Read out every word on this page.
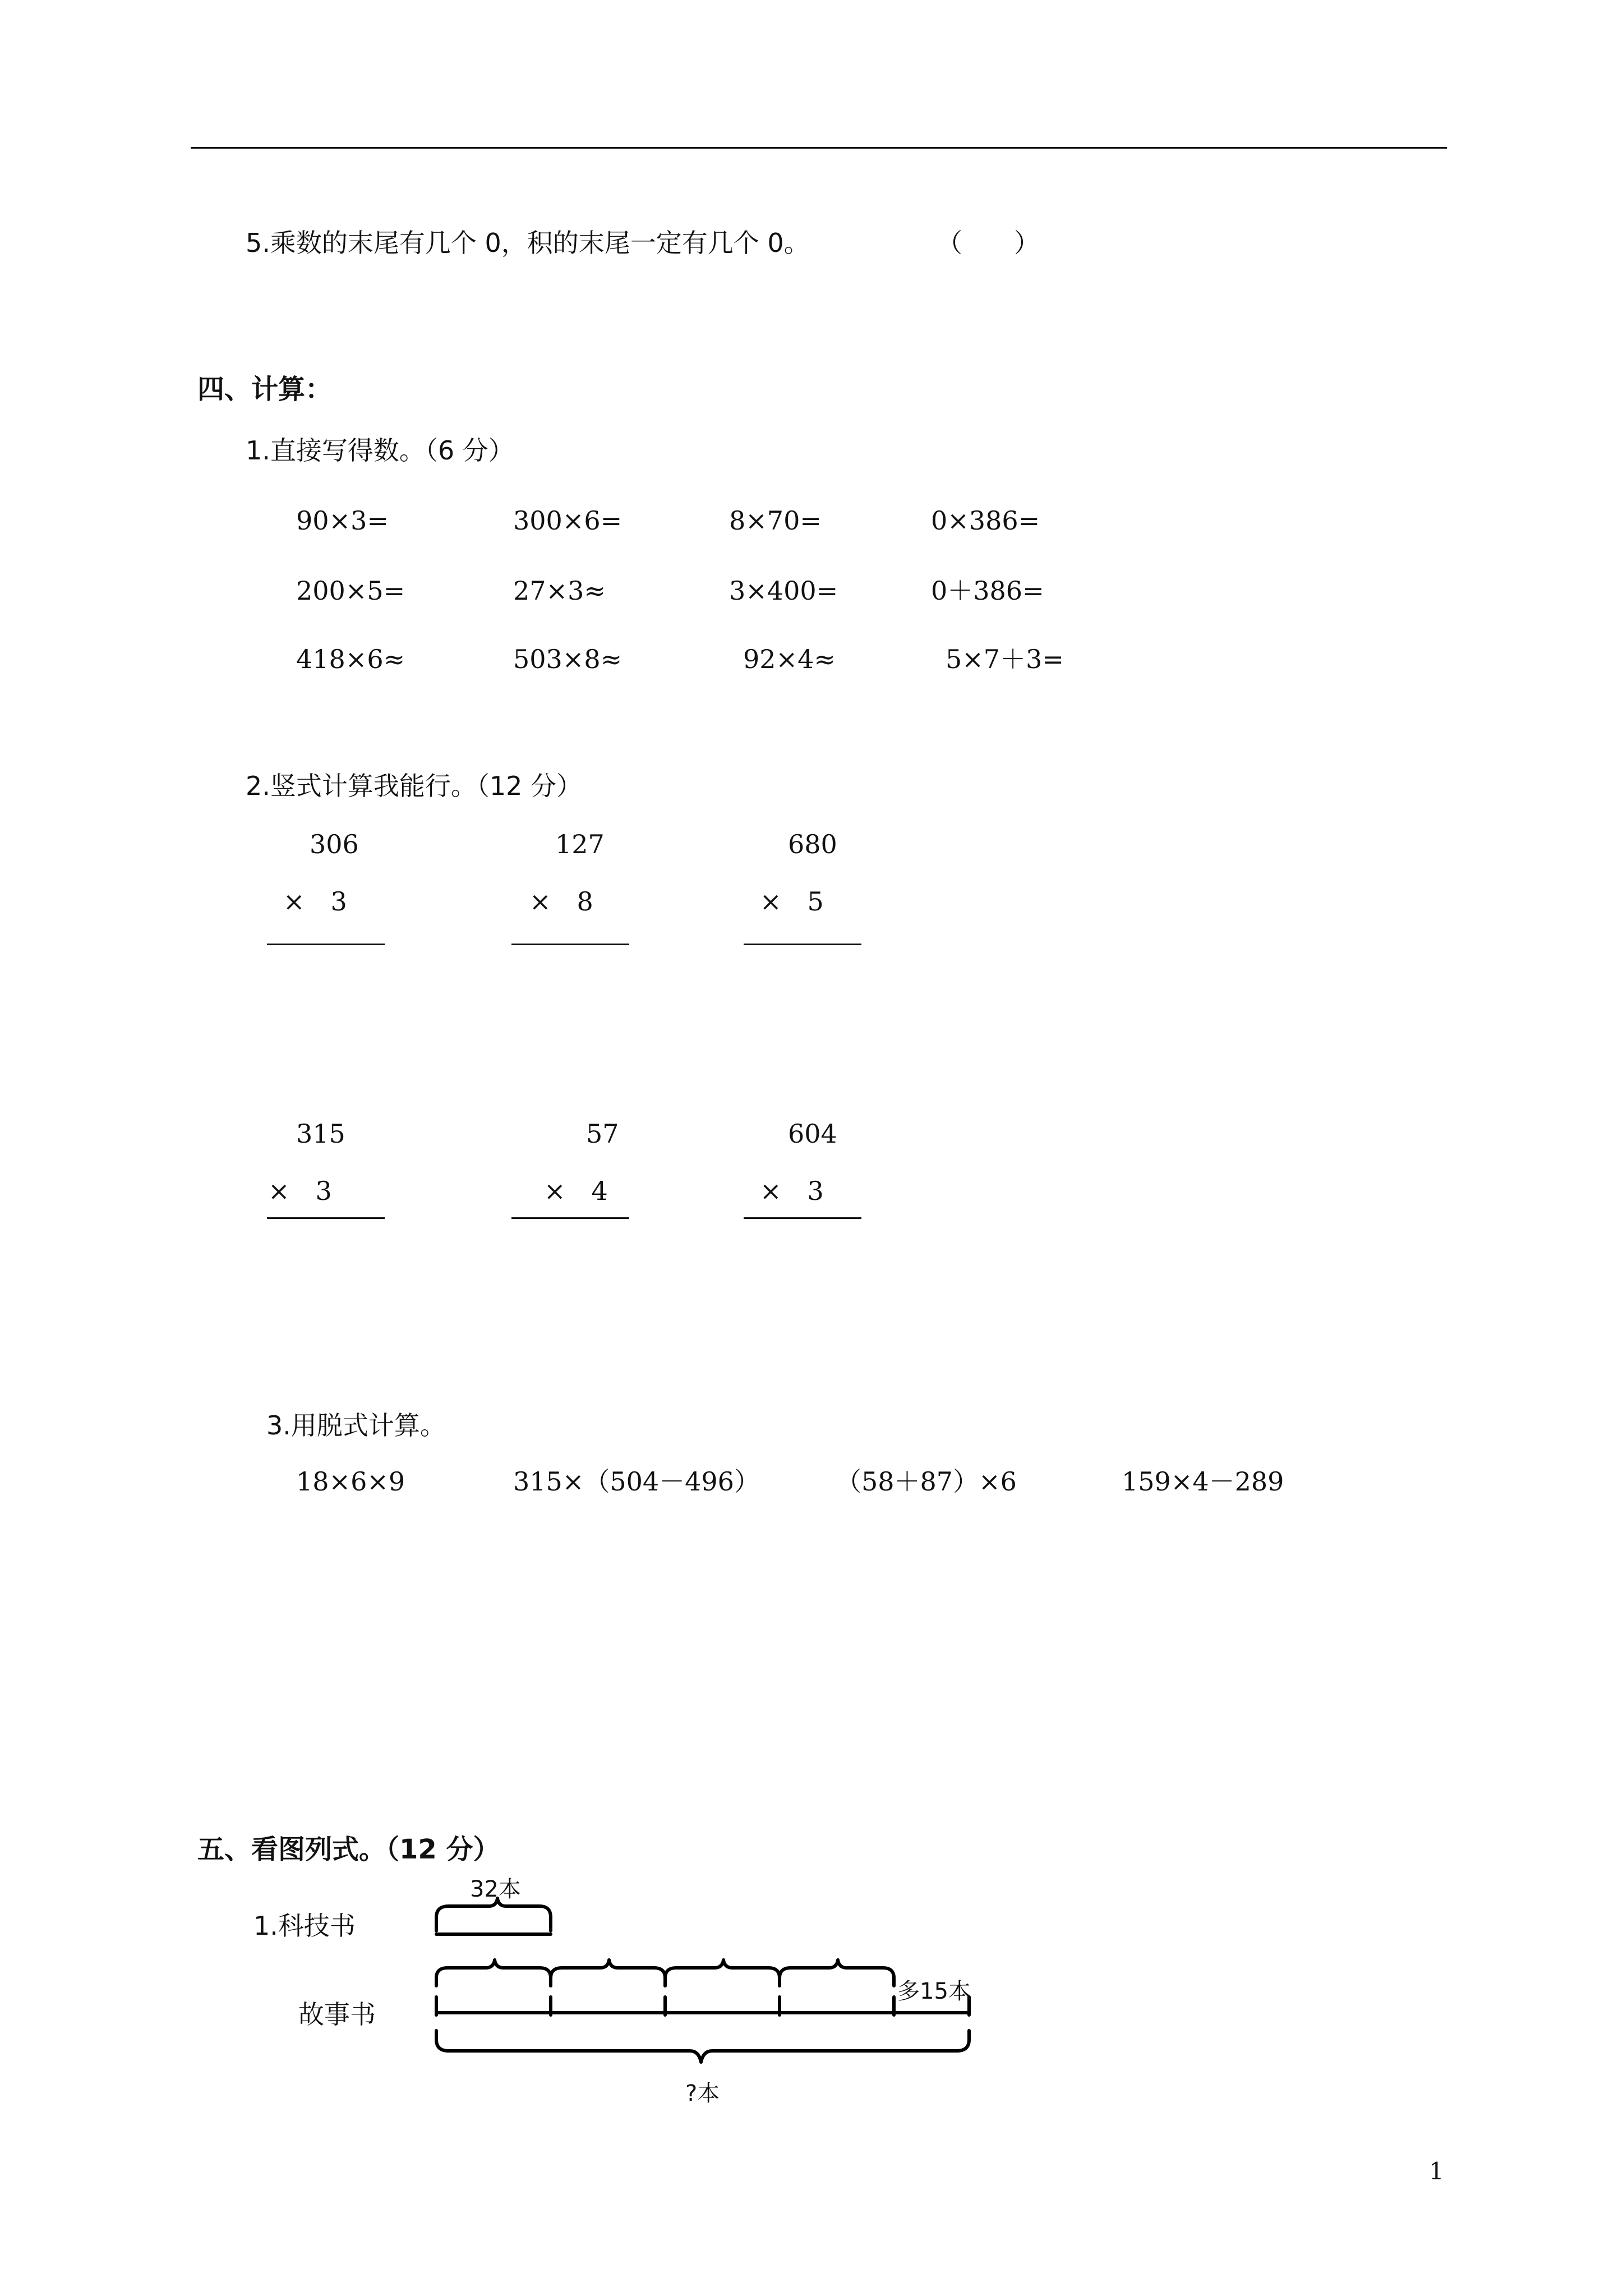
5.乘数的末尾有几个 0，积的末尾一定有几个 0。	（　　）
四、计算：
1.直接写得数。（6 分）
90×3=	300×6=	8×70=	0×386=
200×5=	27×3≈	3×400=	0＋386=
418×6≈	503×8≈	92×4≈	5×7＋3=
2.竖式计算我能行。（12 分）
306
×　3
127
×　8
680
×　5
315
×　3
57
×　4
604
×　3
3.用脱式计算。
18×6×9	315×（504－496）	（58＋87）×6	159×4－289
五、看图列式。（12 分）
1.科技书
故事书
32本
多15本
?本
1
